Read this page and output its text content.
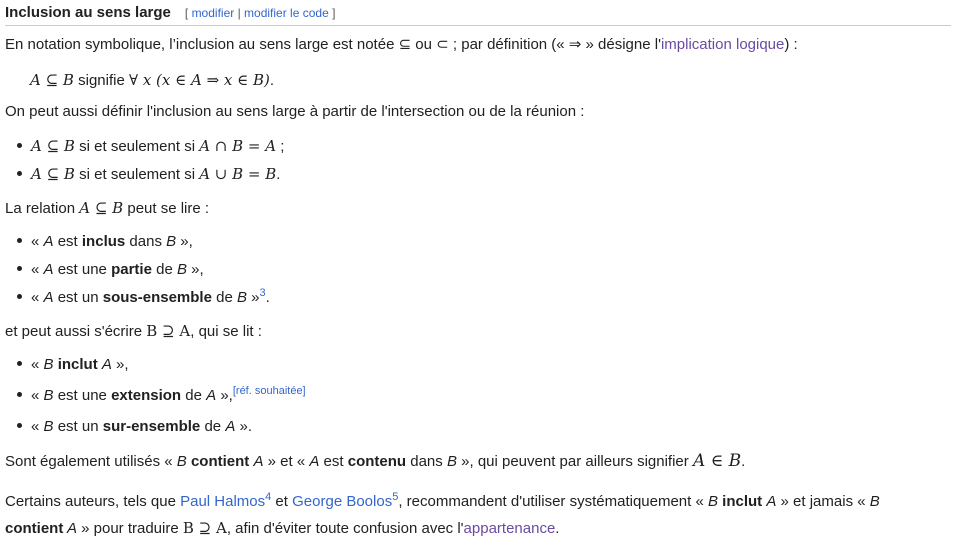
Inclusion au sens large [ modifier | modifier le code ]
En notation symbolique, l’inclusion au sens large est notée ⊆ ou ⊂ ; par définition (« ⇒ » désigne l'implication logique) :
A ⊆ B signifie ∀ x (x ∈ A ⇒ x ∈ B).
On peut aussi définir l'inclusion au sens large à partir de l'intersection ou de la réunion :
A ⊆ B si et seulement si A ∩ B = A ;
A ⊆ B si et seulement si A ∪ B = B.
La relation A ⊆ B peut se lire :
« A est inclus dans B »,
« A est une partie de B »,
« A est un sous-ensemble de B »$^3$.
et peut aussi s'écrire B ⊇ A, qui se lit :
« B inclut A »,
« B est une extension de A »,[réf. souhaitée]
« B est un sur-ensemble de A ».
Sont également utilisés « B contient A » et « A est contenu dans B », qui peuvent par ailleurs signifier A ∈ B.
Certains auteurs, tels que Paul Halmos$^4$ et George Boolos$^5$, recommandent d'utiliser systématiquement « B inclut A » et jamais « B
contient A » pour traduire B ⊇ A, afin d'éviter toute confusion avec l'appartenance.
